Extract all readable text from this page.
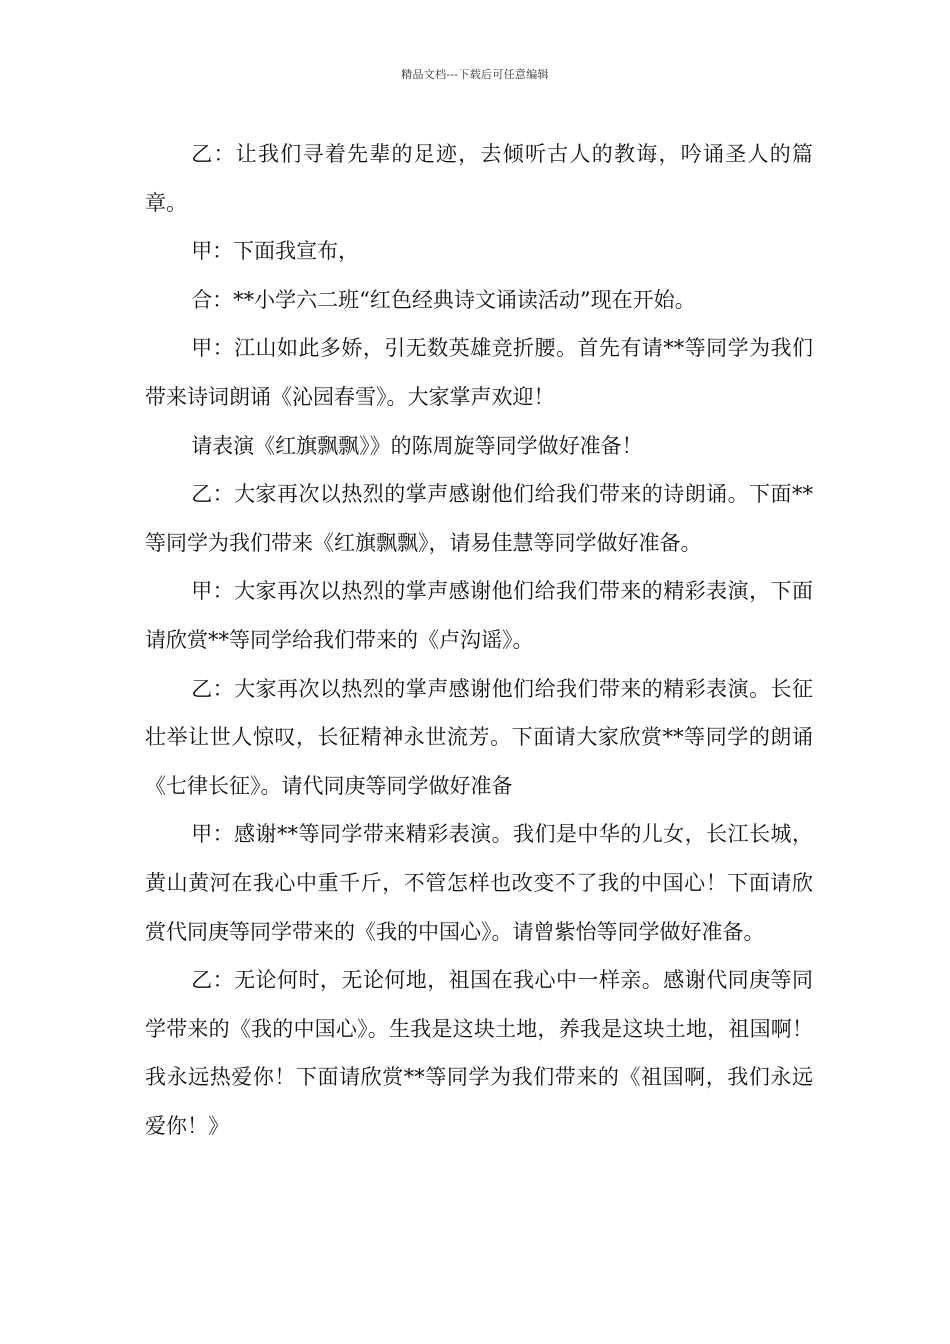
精品文档---下载后可任意编辑

乙：让我们寻着先辈的足迹，去倾听古人的教诲，吟诵圣人的篇章。

甲：下面我宣布，

合：**小学六二班“红色经典诗文诵读活动”现在开始。

甲：江山如此多娇，引无数英雄竞折腰。首先有请**等同学为我们带来诗词朗诵《沁园春雪》。大家掌声欢迎！

请表演《红旗飘飘》》的陈周旋等同学做好准备！

乙：大家再次以热烈的掌声感谢他们给我们带来的诗朗诵。下面**等同学为我们带来《红旗飘飘》，请易佳慧等同学做好准备。

甲：大家再次以热烈的掌声感谢他们给我们带来的精彩表演，下面请欣赏**等同学给我们带来的《卢沟谣》。

乙：大家再次以热烈的掌声感谢他们给我们带来的精彩表演。长征壮举让世人惊叹，长征精神永世流芳。下面请大家欣赏**等同学的朗诵《七律长征》。请代同庚等同学做好准备

甲：感谢**等同学带来精彩表演。我们是中华的儿女，长江长城，黄山黄河在我心中重千斤，不管怎样也改变不了我的中国心！下面请欣赏代同庚等同学带来的《我的中国心》。请曾紫怡等同学做好准备。

乙：无论何时，无论何地，祖国在我心中一样亲。感谢代同庚等同学带来的《我的中国心》。生我是这块土地，养我是这块土地，祖国啊！我永远热爱你！下面请欣赏**等同学为我们带来的《祖国啊，我们永远爱你！》
